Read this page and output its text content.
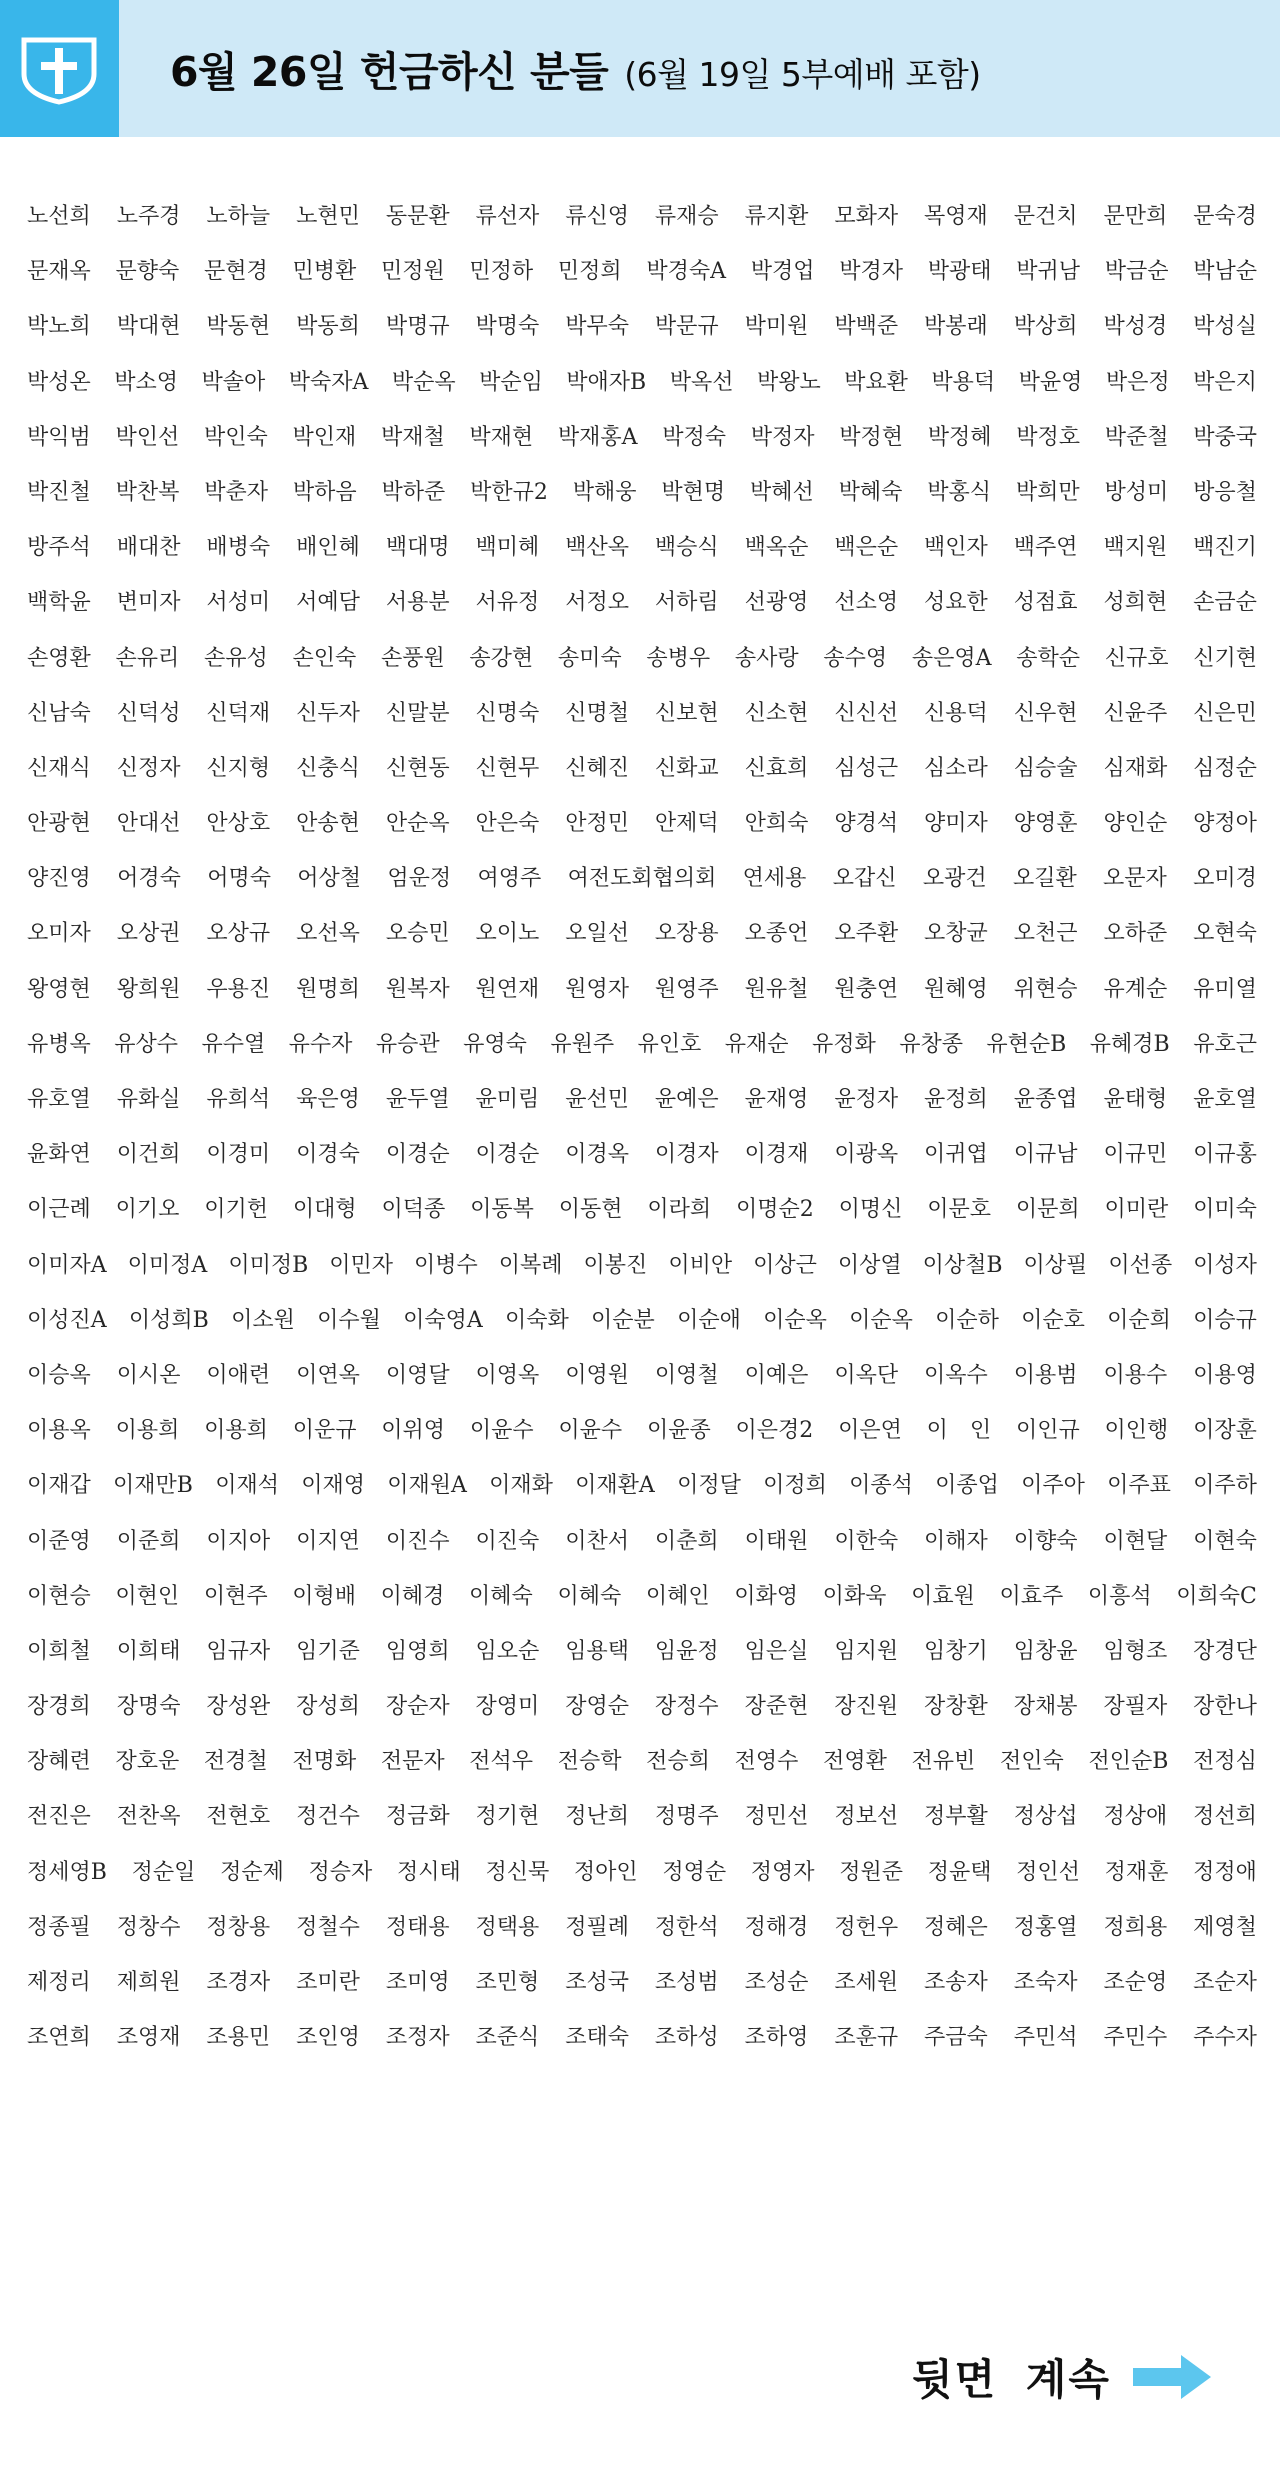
6월 26일 헌금하신 분들 (6월 19일 5부예배 포함)
노선희 노주경 노하늘 노현민 동문환 류선자 류신영 류재승 류지환 모화자 목영재 문건치 문만희 문숙경
문재옥 문향숙 문현경 민병환 민정원 민정하 민정희 박경숙A 박경업 박경자 박광태 박귀남 박금순 박남순
박노희 박대현 박동현 박동희 박명규 박명숙 박무숙 박문규 박미원 박백준 박봉래 박상희 박성경 박성실
박성온 박소영 박솔아 박숙자A 박순옥 박순임 박애자B 박옥선 박왕노 박요환 박용덕 박윤영 박은정 박은지
박익범 박인선 박인숙 박인재 박재철 박재현 박재홍A 박정숙 박정자 박정현 박정혜 박정호 박준철 박중국
박진철 박찬복 박춘자 박하음 박하준 박한규2 박해웅 박현명 박혜선 박혜숙 박홍식 박희만 방성미 방응철
방주석 배대찬 배병숙 배인혜 백대명 백미혜 백산옥 백승식 백옥순 백은순 백인자 백주연 백지원 백진기
백학윤 변미자 서성미 서예담 서용분 서유정 서정오 서하림 선광영 선소영 성요한 성점효 성희현 손금순
손영환 손유리 손유성 손인숙 손풍원 송강현 송미숙 송병우 송사랑 송수영 송은영A 송학순 신규호 신기현
신남숙 신덕성 신덕재 신두자 신말분 신명숙 신명철 신보현 신소현 신신선 신용덕 신우현 신윤주 신은민
신재식 신정자 신지형 신충식 신현동 신현무 신혜진 신화교 신효희 심성근 심소라 심승술 심재화 심정순
안광현 안대선 안상호 안송현 안순옥 안은숙 안정민 안제덕 안희숙 양경석 양미자 양영훈 양인순 양정아
양진영 어경숙 어명숙 어상철 엄운정 여영주 여전도회협의회 연세용 오갑신 오광건 오길환 오문자 오미경
오미자 오상권 오상규 오선옥 오승민 오이노 오일선 오장용 오종언 오주환 오창균 오천근 오하준 오현숙
왕영현 왕희원 우용진 원명희 원복자 원연재 원영자 원영주 원유철 원충연 원혜영 위현승 유계순 유미열
유병옥 유상수 유수열 유수자 유승관 유영숙 유원주 유인호 유재순 유정화 유창종 유현순B 유혜경B 유호근
유호열 유화실 유희석 육은영 윤두열 윤미림 윤선민 윤예은 윤재영 윤정자 윤정희 윤종엽 윤태형 윤호열
윤화연 이건희 이경미 이경숙 이경순 이경순 이경옥 이경자 이경재 이광옥 이귀엽 이규남 이규민 이규홍
이근례 이기오 이기헌 이대형 이덕종 이동복 이동현 이라희 이명순2 이명신 이문호 이문희 이미란 이미숙
이미자A 이미정A 이미정B 이민자 이병수 이복례 이봉진 이비안 이상근 이상열 이상철B 이상필 이선종 이성자
이성진A 이성희B 이소원 이수월 이숙영A 이숙화 이순분 이순애 이순옥 이순옥 이순하 이순호 이순희 이승규
이승옥 이시온 이애련 이연옥 이영달 이영옥 이영원 이영철 이예은 이옥단 이옥수 이용범 이용수 이용영
이용옥 이용희 이용희 이운규 이위영 이윤수 이윤수 이윤종 이은경2 이은연 이　인 이인규 이인행 이장훈
이재갑 이재만B 이재석 이재영 이재원A 이재화 이재환A 이정달 이정희 이종석 이종업 이주아 이주표 이주하
이준영 이준희 이지아 이지연 이진수 이진숙 이찬서 이춘희 이태원 이한숙 이해자 이향숙 이현달 이현숙
이현승 이현인 이현주 이형배 이혜경 이혜숙 이혜숙 이혜인 이화영 이화욱 이효원 이효주 이흥석 이희숙C
이희철 이희태 임규자 임기준 임영희 임오순 임용택 임윤정 임은실 임지원 임창기 임창윤 임형조 장경단
장경희 장명숙 장성완 장성희 장순자 장영미 장영순 장정수 장준현 장진원 장창환 장채봉 장필자 장한나
장혜련 장호운 전경철 전명화 전문자 전석우 전승학 전승희 전영수 전영환 전유빈 전인숙 전인순B 전정심
전진은 전찬옥 전현호 정건수 정금화 정기현 정난희 정명주 정민선 정보선 정부활 정상섭 정상애 정선희
정세영B 정순일 정순제 정승자 정시태 정신묵 정아인 정영순 정영자 정원준 정윤택 정인선 정재훈 정정애
정종필 정창수 정창용 정철수 정태용 정택용 정필례 정한석 정해경 정헌우 정혜은 정홍열 정희용 제영철
제정리 제희원 조경자 조미란 조미영 조민형 조성국 조성범 조성순 조세원 조송자 조숙자 조순영 조순자
조연희 조영재 조용민 조인영 조정자 조준식 조태숙 조하성 조하영 조훈규 주금숙 주민석 주민수 주수자
뒷면 계속
